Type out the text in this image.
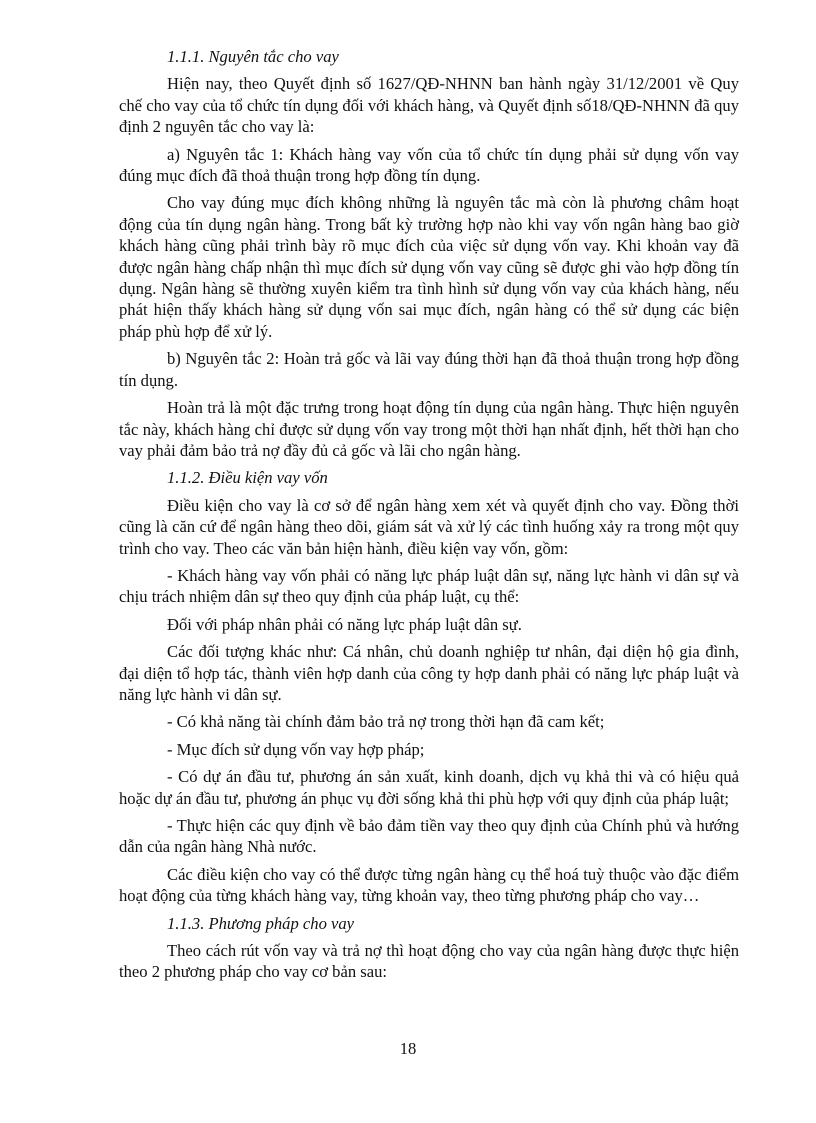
1.1.1. Nguyên tắc cho vay

Hiện nay, theo Quyết định số 1627/QĐ-NHNN ban hành ngày 31/12/2001 về Quy chế cho vay của tổ chức tín dụng đối với khách hàng, và Quyết định số18/QĐ-NHNN đã quy định 2 nguyên tắc cho vay là:

a) Nguyên tắc 1: Khách hàng vay vốn của tổ chức tín dụng phải sử dụng vốn vay đúng mục đích đã thoả thuận trong hợp đồng tín dụng.

Cho vay đúng mục đích không những là nguyên tắc mà còn là phương châm hoạt động của tín dụng ngân hàng. Trong bất kỳ trường hợp nào khi vay vốn ngân hàng bao giờ khách hàng cũng phải trình bày rõ mục đích của việc sử dụng vốn vay. Khi khoản vay đã được ngân hàng chấp nhận thì mục đích sử dụng vốn vay cũng sẽ được ghi vào hợp đồng tín dụng. Ngân hàng sẽ thường xuyên kiểm tra tình hình sử dụng vốn vay của khách hàng, nếu phát hiện thấy khách hàng sử dụng vốn sai mục đích, ngân hàng có thể sử dụng các biện pháp phù hợp để xử lý.

b) Nguyên tắc 2: Hoàn trả gốc và lãi vay đúng thời hạn đã thoả thuận trong hợp đồng tín dụng.

Hoàn trả là một đặc trưng trong hoạt động tín dụng của ngân hàng. Thực hiện nguyên tắc này, khách hàng chỉ được sử dụng vốn vay trong một thời hạn nhất định, hết thời hạn cho vay phải đảm bảo trả nợ đầy đủ cả gốc và lãi cho ngân hàng.

1.1.2. Điều kiện vay vốn

Điều kiện cho vay là cơ sở để ngân hàng xem xét và quyết định cho vay. Đồng thời cũng là căn cứ để ngân hàng theo dõi, giám sát và xử lý các tình huống xảy ra trong một quy trình cho vay. Theo các văn bản hiện hành, điều kiện vay vốn, gồm:

- Khách hàng vay vốn phải có năng lực pháp luật dân sự, năng lực hành vi dân sự và chịu trách nhiệm dân sự theo quy định của pháp luật, cụ thể:

Đối với pháp nhân phải có năng lực pháp luật dân sự.

Các đối tượng khác như: Cá nhân, chủ doanh nghiệp tư nhân, đại diện hộ gia đình, đại diện tổ hợp tác, thành viên hợp danh của công ty hợp danh phải có năng lực pháp luật và năng lực hành vi dân sự.

- Có khả năng tài chính đảm bảo trả nợ trong thời hạn đã cam kết;

- Mục đích sử dụng vốn vay hợp pháp;

- Có dự án đầu tư, phương án sản xuất, kinh doanh, dịch vụ khả thi và có hiệu quả hoặc dự án đầu tư, phương án phục vụ đời sống khả thi phù hợp với quy định của pháp luật;

- Thực hiện các quy định về bảo đảm tiền vay theo quy định của Chính phủ và hướng dẫn của ngân hàng Nhà nước.

Các điều kiện cho vay có thể được từng ngân hàng cụ thể hoá tuỳ thuộc vào đặc điểm hoạt động của từng khách hàng vay, từng khoản vay, theo từng phương pháp cho vay…

1.1.3. Phương pháp cho vay

Theo cách rút vốn vay và trả nợ thì hoạt động cho vay của ngân hàng được thực hiện theo 2 phương pháp cho vay cơ bản sau:

18
